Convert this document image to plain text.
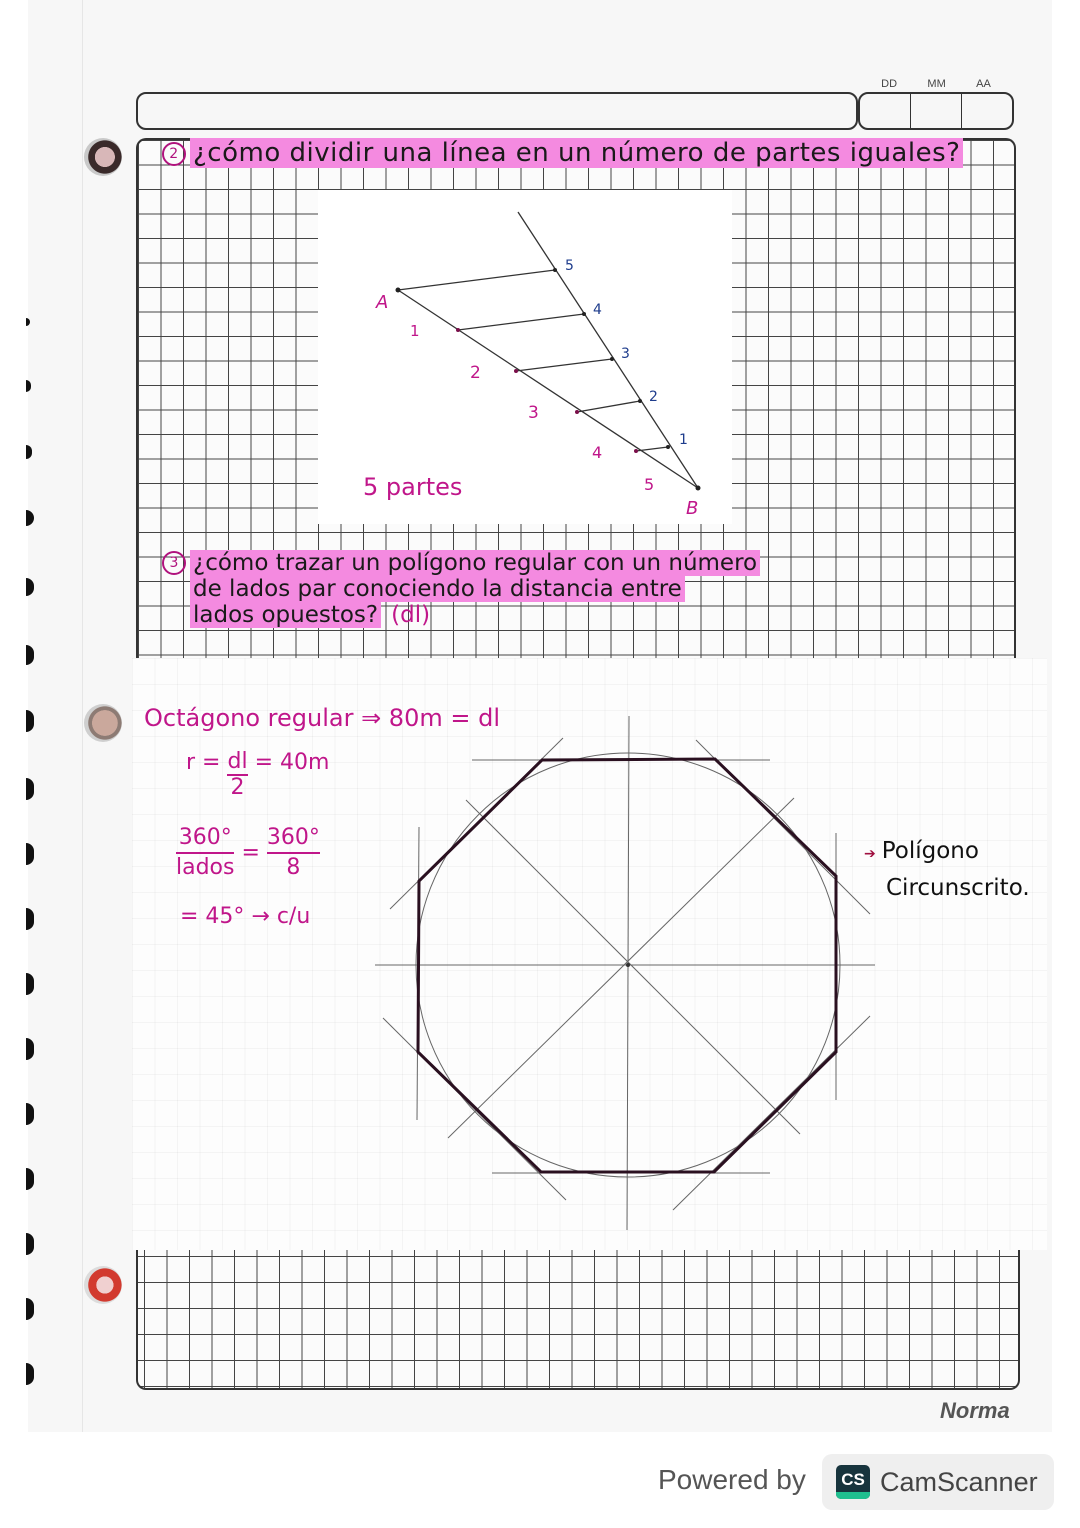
DD	MM	AA
2 ¿cómo dividir una línea en un número de partes iguales?
A
B
1
2
3
4
5
5
4
3
2
1
5 partes
3 ¿cómo trazar un polígono regular con un número
de lados par conociendo la distancia entre
lados opuestos? (dl)
Octágono regular ⇒ 80m = dl
$r = \frac{dl}{2} = 40m$
360°
lados
= $\frac{360^\circ}{8}$
= 45° → c/u
➔ Polígono
Circunscrito.
Norma
Powered by	CS CamScanner
